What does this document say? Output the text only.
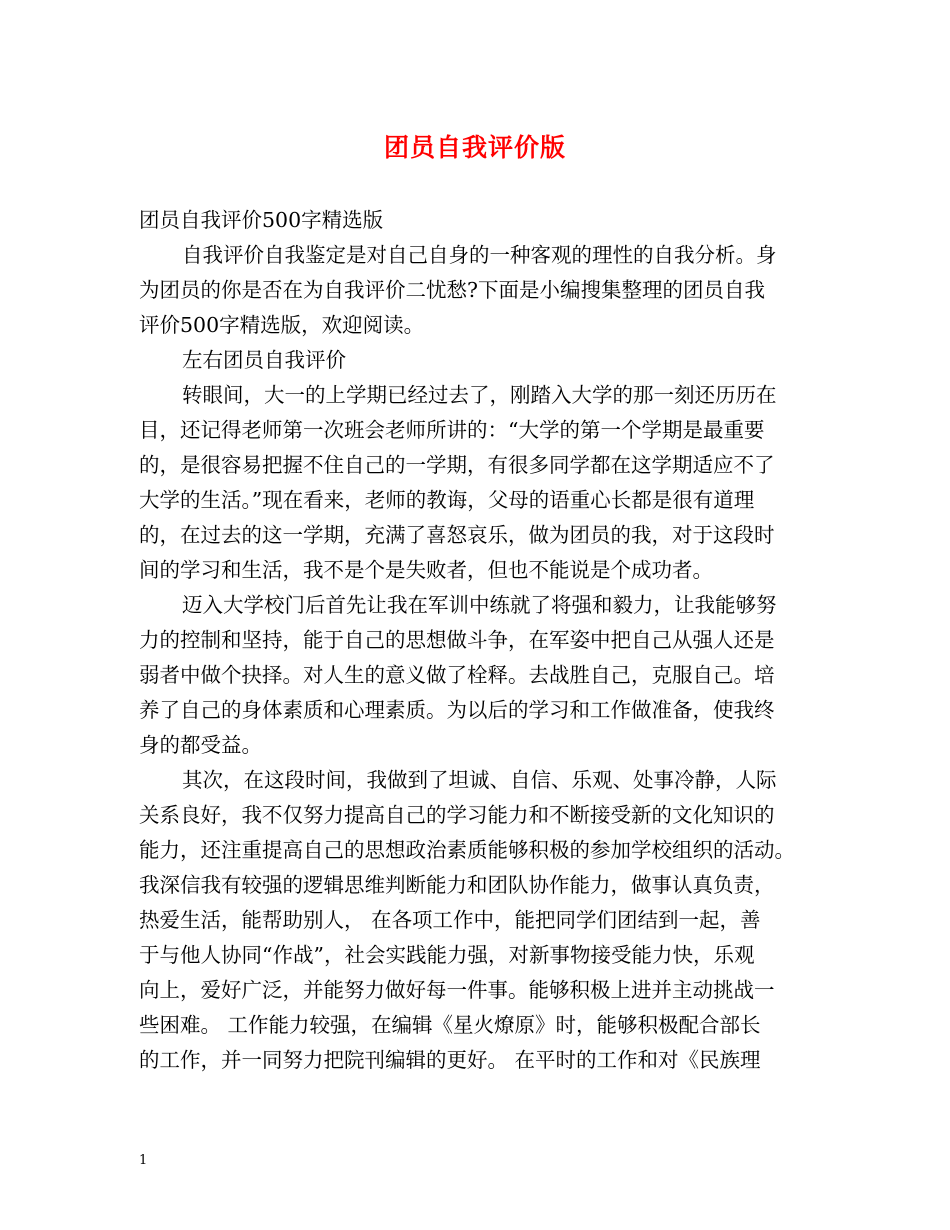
团员自我评价版
团员自我评价500字精选版
自我评价自我鉴定是对自己自身的一种客观的理性的自我分析。身
为团员的你是否在为自我评价二忧愁?下面是小编搜集整理的团员自我
评价500字精选版，欢迎阅读。
左右团员自我评价
转眼间，大一的上学期已经过去了，刚踏入大学的那一刻还历历在
目，还记得老师第一次班会老师所讲的：“大学的第一个学期是最重要
的，是很容易把握不住自己的一学期，有很多同学都在这学期适应不了
大学的生活。”现在看来，老师的教诲，父母的语重心长都是很有道理
的，在过去的这一学期，充满了喜怒哀乐，做为团员的我，对于这段时
间的学习和生活，我不是个是失败者，但也不能说是个成功者。
迈入大学校门后首先让我在军训中练就了将强和毅力，让我能够努
力的控制和坚持，能于自己的思想做斗争，在军姿中把自己从强人还是
弱者中做个抉择。对人生的意义做了栓释。去战胜自己，克服自己。培
养了自己的身体素质和心理素质。为以后的学习和工作做准备，使我终
身的都受益。
其次，在这段时间，我做到了坦诚、自信、乐观、处事冷静，人际
关系良好，我不仅努力提高自己的学习能力和不断接受新的文化知识的
能力，还注重提高自己的思想政治素质能够积极的参加学校组织的活动。
我深信我有较强的逻辑思维判断能力和团队协作能力，做事认真负责，
热爱生活，能帮助别人， 在各项工作中，能把同学们团结到一起，善
于与他人协同“作战”，社会实践能力强，对新事物接受能力快，乐观
向上，爱好广泛，并能努力做好每一件事。能够积极上进并主动挑战一
些困难。 工作能力较强，在编辑《星火燎原》时，能够积极配合部长
的工作，并一同努力把院刊编辑的更好。 在平时的工作和对《民族理
1
